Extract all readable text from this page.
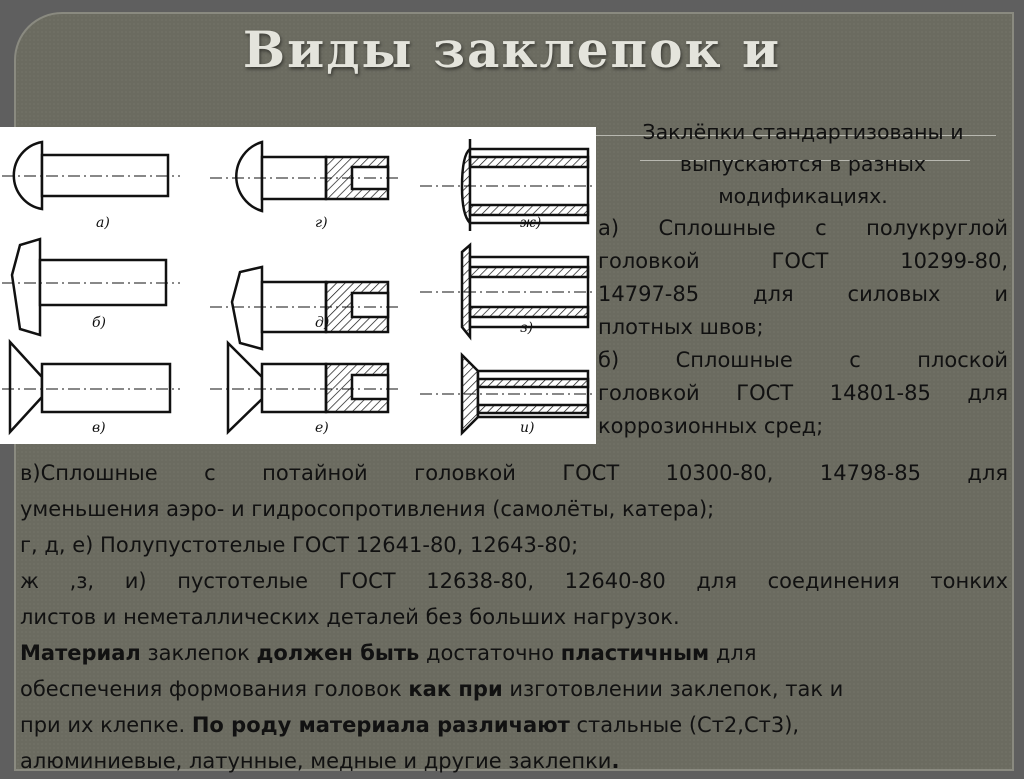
Виды заклепок и
а)
б)
в)
г)
д)
е)
ж)
з)
и)

Заклёпки стандартизованы и выпускаются в разных модификациях.

а) Сплошные с полукруглой
головкой ГОСТ 10299-80,
14797-85 для силовых и
плотных швов;
б) Сплошные с плоской
головкой ГОСТ 14801-85 для
коррозионных сред;

в)Сплошные с потайной головкой ГОСТ 10300-80, 14798-85 для

уменьшения аэро- и гидросопротивления (самолёты, катера);

г, д, е) Полупустотелые ГОСТ 12641-80, 12643-80;

ж ,з, и) пустотелые ГОСТ 12638-80, 12640-80 для соединения тонких

листов и неметаллических деталей без больших нагрузок.

Материал заклепок должен быть достаточно пластичным для
обеспечения формования головок как при изготовлении заклепок, так и
при их клепке. По роду материала различают стальные (Ст2,Ст3),
алюминиевые, латунные, медные и другие заклепки.
